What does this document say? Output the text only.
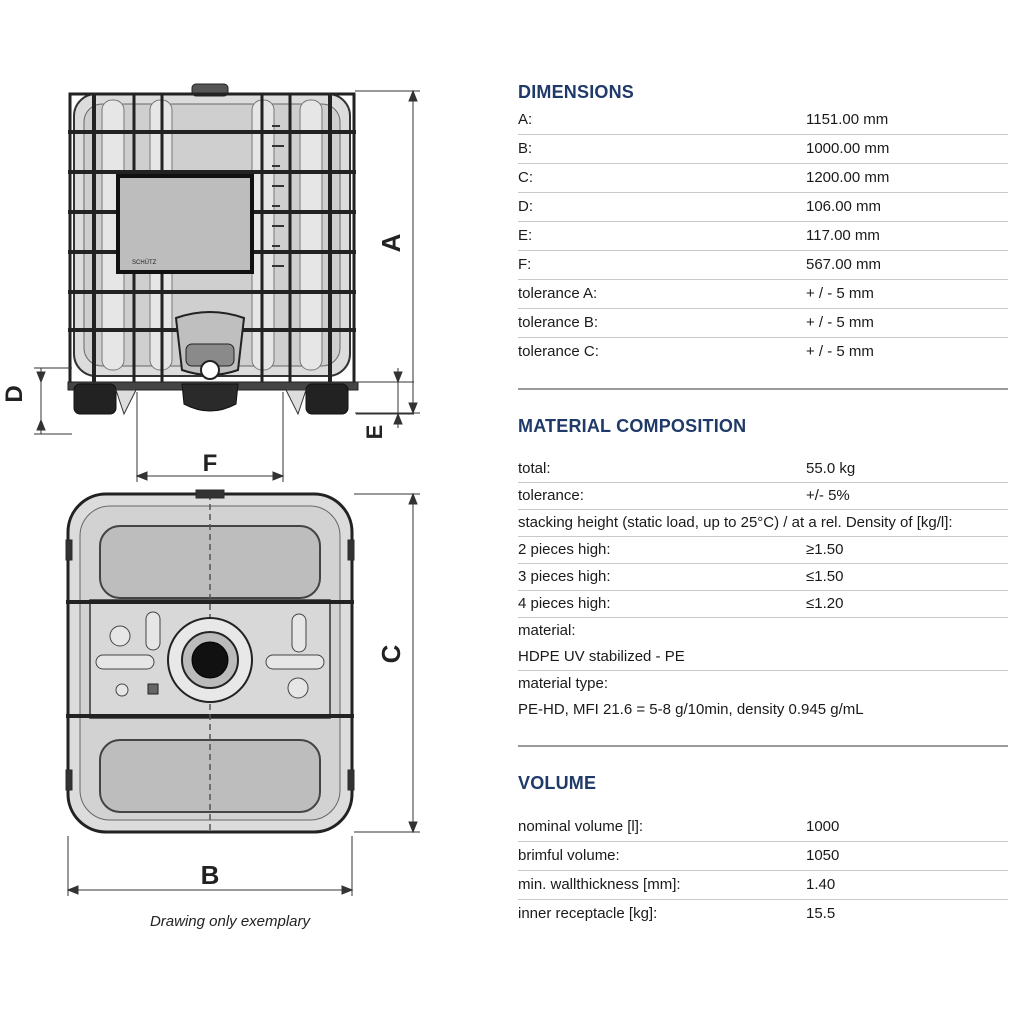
SCHÜTZ
A
D
E
F
C
B
Drawing only exemplary
DIMENSIONS
A:	1151.00 mm
B:	1000.00 mm
C:	1200.00 mm
D:	106.00 mm
E:	117.00 mm
F:	567.00 mm
tolerance A:	+ / - 5 mm
tolerance B:	+ / - 5 mm
tolerance C:	+ / - 5 mm
MATERIAL COMPOSITION
total:	55.0 kg
tolerance:	+/- 5%
stacking height (static load, up to 25°C) / at a rel. Density of [kg/l]:
2 pieces high:	≥1.50
3 pieces high:	≤1.50
4 pieces high:	≤1.20
material:
HDPE UV stabilized - PE
material type:
PE-HD, MFI 21.6 = 5-8 g/10min, density 0.945 g/mL
VOLUME
nominal volume [l]:	1000
brimful volume:	1050
min. wallthickness [mm]:	1.40
inner receptacle [kg]:	15.5
